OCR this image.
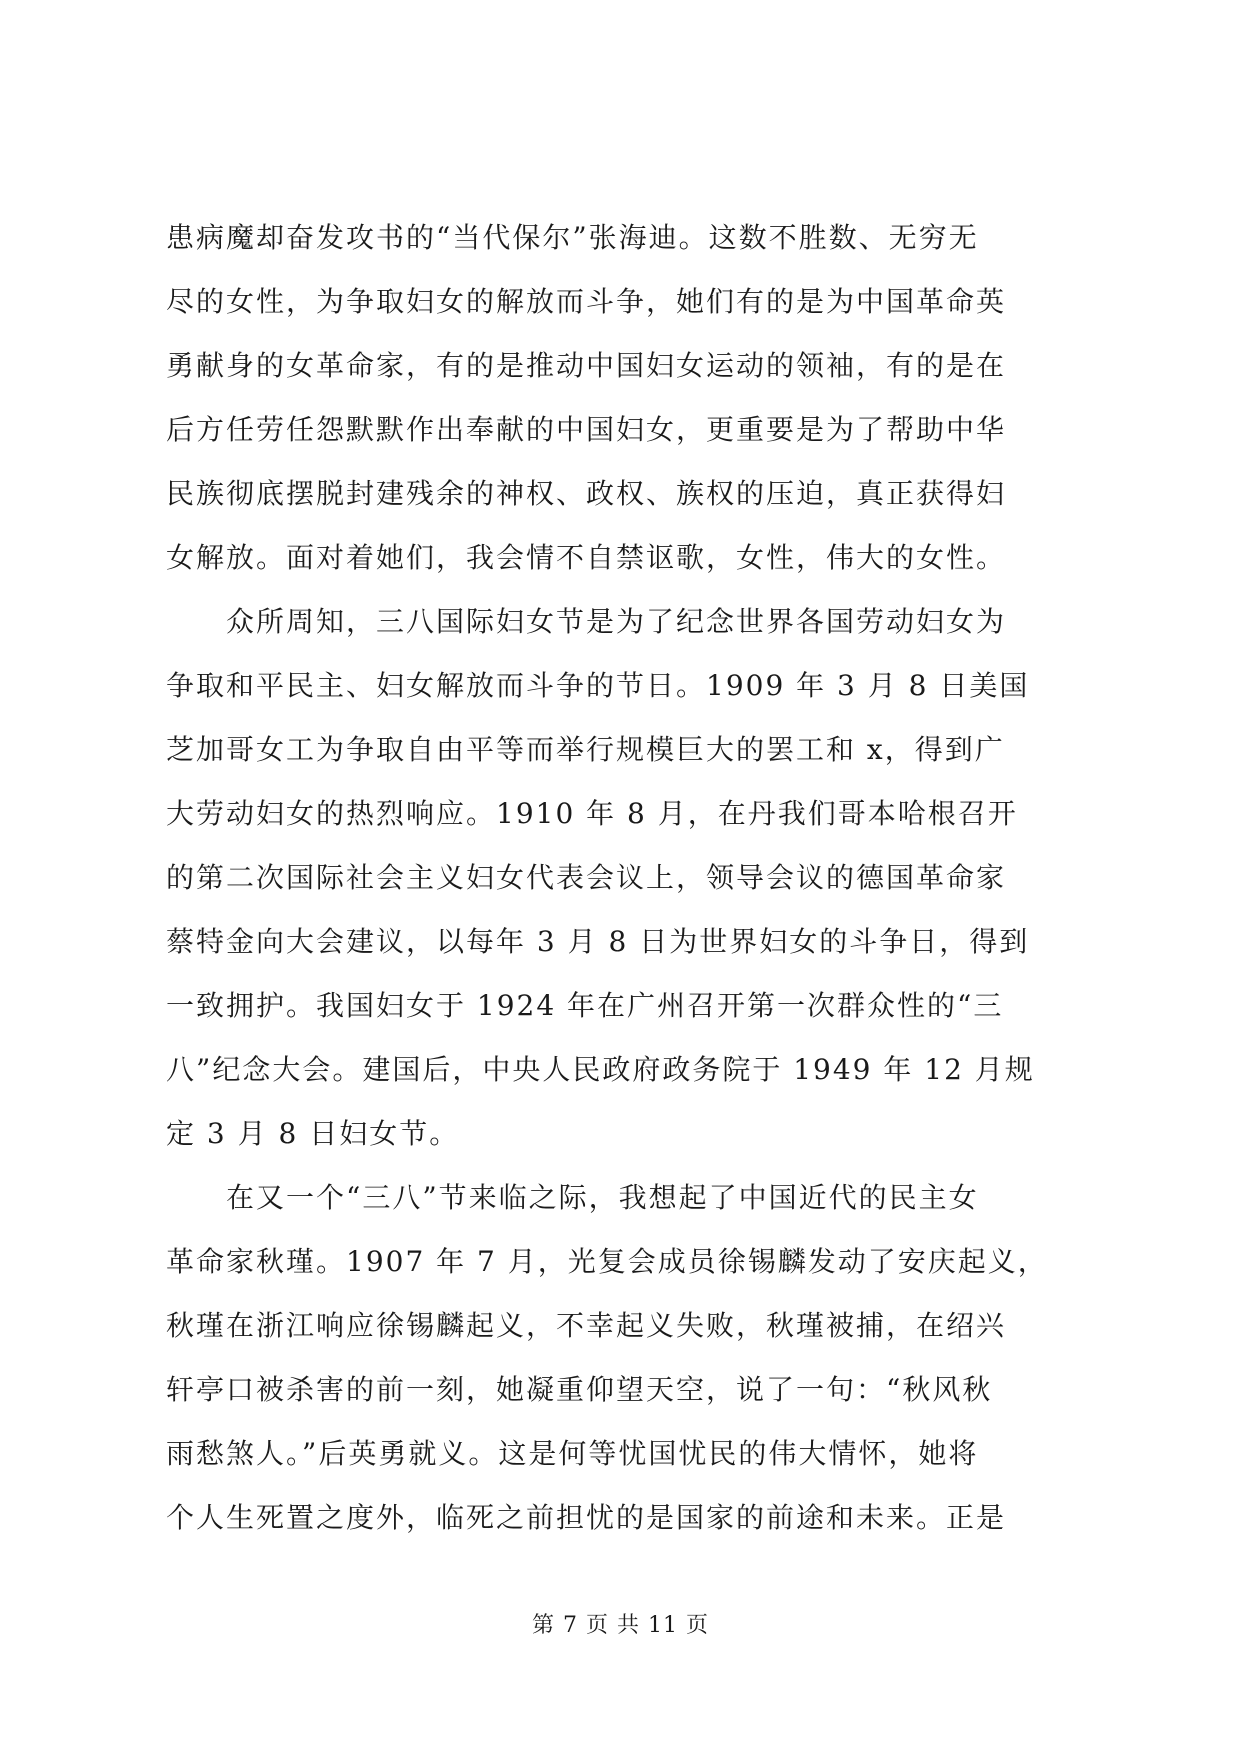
患病魔却奋发攻书的“当代保尔”张海迪。这数不胜数、无穷无
尽的女性，为争取妇女的解放而斗争，她们有的是为中国革命英
勇献身的女革命家，有的是推动中国妇女运动的领袖，有的是在
后方任劳任怨默默作出奉献的中国妇女，更重要是为了帮助中华
民族彻底摆脱封建残余的神权、政权、族权的压迫，真正获得妇
女解放。面对着她们，我会情不自禁讴歌，女性，伟大的女性。
　　众所周知，三八国际妇女节是为了纪念世界各国劳动妇女为
争取和平民主、妇女解放而斗争的节日。1909 年 3 月 8 日美国
芝加哥女工为争取自由平等而举行规模巨大的罢工和 x，得到广
大劳动妇女的热烈响应。1910 年 8 月，在丹我们哥本哈根召开
的第二次国际社会主义妇女代表会议上，领导会议的德国革命家
蔡特金向大会建议，以每年 3 月 8 日为世界妇女的斗争日，得到
一致拥护。我国妇女于 1924 年在广州召开第一次群众性的“三
八”纪念大会。建国后，中央人民政府政务院于 1949 年 12 月规
定 3 月 8 日妇女节。
　　在又一个“三八”节来临之际，我想起了中国近代的民主女
革命家秋瑾。1907 年 7 月，光复会成员徐锡麟发动了安庆起义，
秋瑾在浙江响应徐锡麟起义，不幸起义失败，秋瑾被捕，在绍兴
轩亭口被杀害的前一刻，她凝重仰望天空，说了一句：“秋风秋
雨愁煞人。”后英勇就义。这是何等忧国忧民的伟大情怀，她将
个人生死置之度外，临死之前担忧的是国家的前途和未来。正是
第 7 页 共 11 页
